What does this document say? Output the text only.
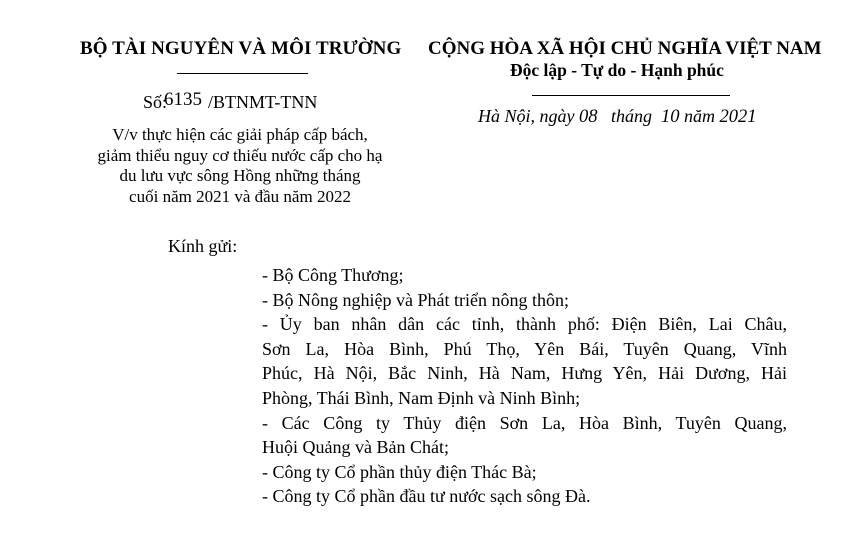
BỘ TÀI NGUYÊN VÀ MÔI TRƯỜNG CỘNG HÒA XÃ HỘI CHỦ NGHĨA VIỆT NAM
Độc lập - Tự do - Hạnh phúc
Số:6135 /BTNMT-TNN
Hà Nội, ngày 08 tháng 10 năm 2021
V/v thực hiện các giải pháp cấp bách,
giảm thiểu nguy cơ thiếu nước cấp cho hạ
du lưu vực sông Hồng những tháng
cuối năm 2021 và đầu năm 2022
Kính gửi:
- Bộ Công Thương;
- Bộ Nông nghiệp và Phát triển nông thôn;
- Ủy ban nhân dân các tỉnh, thành phố: Điện Biên, Lai Châu,
Sơn La, Hòa Bình, Phú Thọ, Yên Bái, Tuyên Quang, Vĩnh
Phúc, Hà Nội, Bắc Ninh, Hà Nam, Hưng Yên, Hải Dương, Hải
Phòng, Thái Bình, Nam Định và Ninh Bình;
- Các Công ty Thủy điện Sơn La, Hòa Bình, Tuyên Quang,
Huội Quảng và Bản Chát;
- Công ty Cổ phần thủy điện Thác Bà;
- Công ty Cổ phần đầu tư nước sạch sông Đà.
